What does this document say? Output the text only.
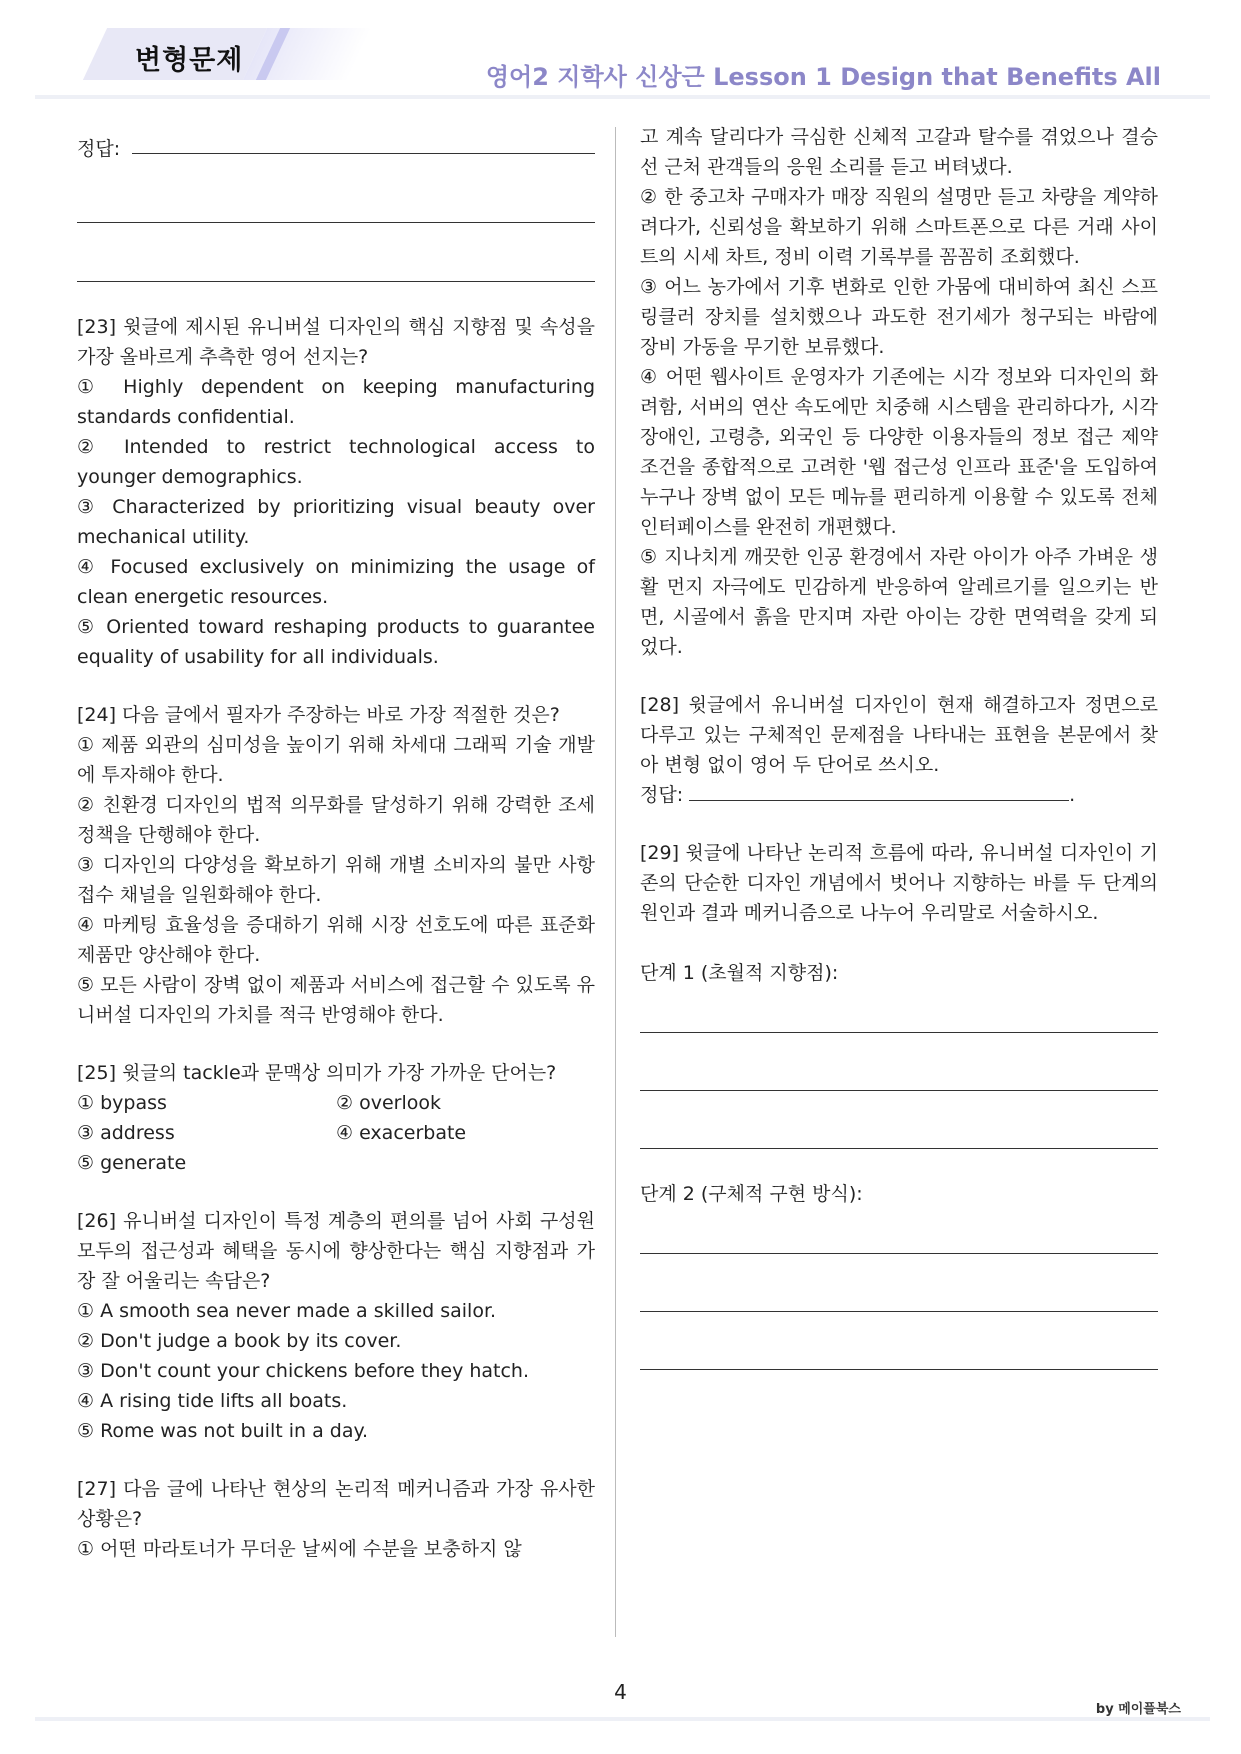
변형문제
영어2 지학사 신상근 Lesson 1 Design that Benefits All
정답:

[23] 윗글에 제시된 유니버설 디자인의 핵심 지향점 및 속성을 가장 올바르게 추측한 영어 선지는?

① Highly dependent on keeping manufacturing standards confidential.

② Intended to restrict technological access to younger demographics.

③ Characterized by prioritizing visual beauty over mechanical utility.

④ Focused exclusively on minimizing the usage of clean energetic resources.

⑤ Oriented toward reshaping products to guarantee equality of usability for all individuals.

[24] 다음 글에서 필자가 주장하는 바로 가장 적절한 것은?

① 제품 외관의 심미성을 높이기 위해 차세대 그래픽 기술 개발에 투자해야 한다.

② 친환경 디자인의 법적 의무화를 달성하기 위해 강력한 조세 정책을 단행해야 한다.

③ 디자인의 다양성을 확보하기 위해 개별 소비자의 불만 사항 접수 채널을 일원화해야 한다.

④ 마케팅 효율성을 증대하기 위해 시장 선호도에 따른 표준화 제품만 양산해야 한다.

⑤ 모든 사람이 장벽 없이 제품과 서비스에 접근할 수 있도록 유니버설 디자인의 가치를 적극 반영해야 한다.

[25] 윗글의 tackle과 문맥상 의미가 가장 가까운 단어는?

① bypass	② overlook
③ address	④ exacerbate
⑤ generate

[26] 유니버설 디자인이 특정 계층의 편의를 넘어 사회 구성원 모두의 접근성과 혜택을 동시에 향상한다는 핵심 지향점과 가장 잘 어울리는 속담은?

① A smooth sea never made a skilled sailor.

② Don't judge a book by its cover.

③ Don't count your chickens before they hatch.

④ A rising tide lifts all boats.

⑤ Rome was not built in a day.

[27] 다음 글에 나타난 현상의 논리적 메커니즘과 가장 유사한 상황은?

① 어떤 마라토너가 무더운 날씨에 수분을 보충하지 않

고 계속 달리다가 극심한 신체적 고갈과 탈수를 겪었으나 결승선 근처 관객들의 응원 소리를 듣고 버텨냈다.

② 한 중고차 구매자가 매장 직원의 설명만 듣고 차량을 계약하려다가, 신뢰성을 확보하기 위해 스마트폰으로 다른 거래 사이트의 시세 차트, 정비 이력 기록부를 꼼꼼히 조회했다.

③ 어느 농가에서 기후 변화로 인한 가뭄에 대비하여 최신 스프링클러 장치를 설치했으나 과도한 전기세가 청구되는 바람에 장비 가동을 무기한 보류했다.

④ 어떤 웹사이트 운영자가 기존에는 시각 정보와 디자인의 화려함, 서버의 연산 속도에만 치중해 시스템을 관리하다가, 시각장애인, 고령층, 외국인 등 다양한 이용자들의 정보 접근 제약 조건을 종합적으로 고려한 '웹 접근성 인프라 표준'을 도입하여 누구나 장벽 없이 모든 메뉴를 편리하게 이용할 수 있도록 전체 인터페이스를 완전히 개편했다.

⑤ 지나치게 깨끗한 인공 환경에서 자란 아이가 아주 가벼운 생활 먼지 자극에도 민감하게 반응하여 알레르기를 일으키는 반면, 시골에서 흙을 만지며 자란 아이는 강한 면역력을 갖게 되었다.

[28] 윗글에서 유니버설 디자인이 현재 해결하고자 정면으로 다루고 있는 구체적인 문제점을 나타내는 표현을 본문에서 찾아 변형 없이 영어 두 단어로 쓰시오.

정답:	.

[29] 윗글에 나타난 논리적 흐름에 따라, 유니버설 디자인이 기존의 단순한 디자인 개념에서 벗어나 지향하는 바를 두 단계의 원인과 결과 메커니즘으로 나누어 우리말로 서술하시오.

단계 1 (초월적 지향점):

단계 2 (구체적 구현 방식):

4
by 메이플북스
